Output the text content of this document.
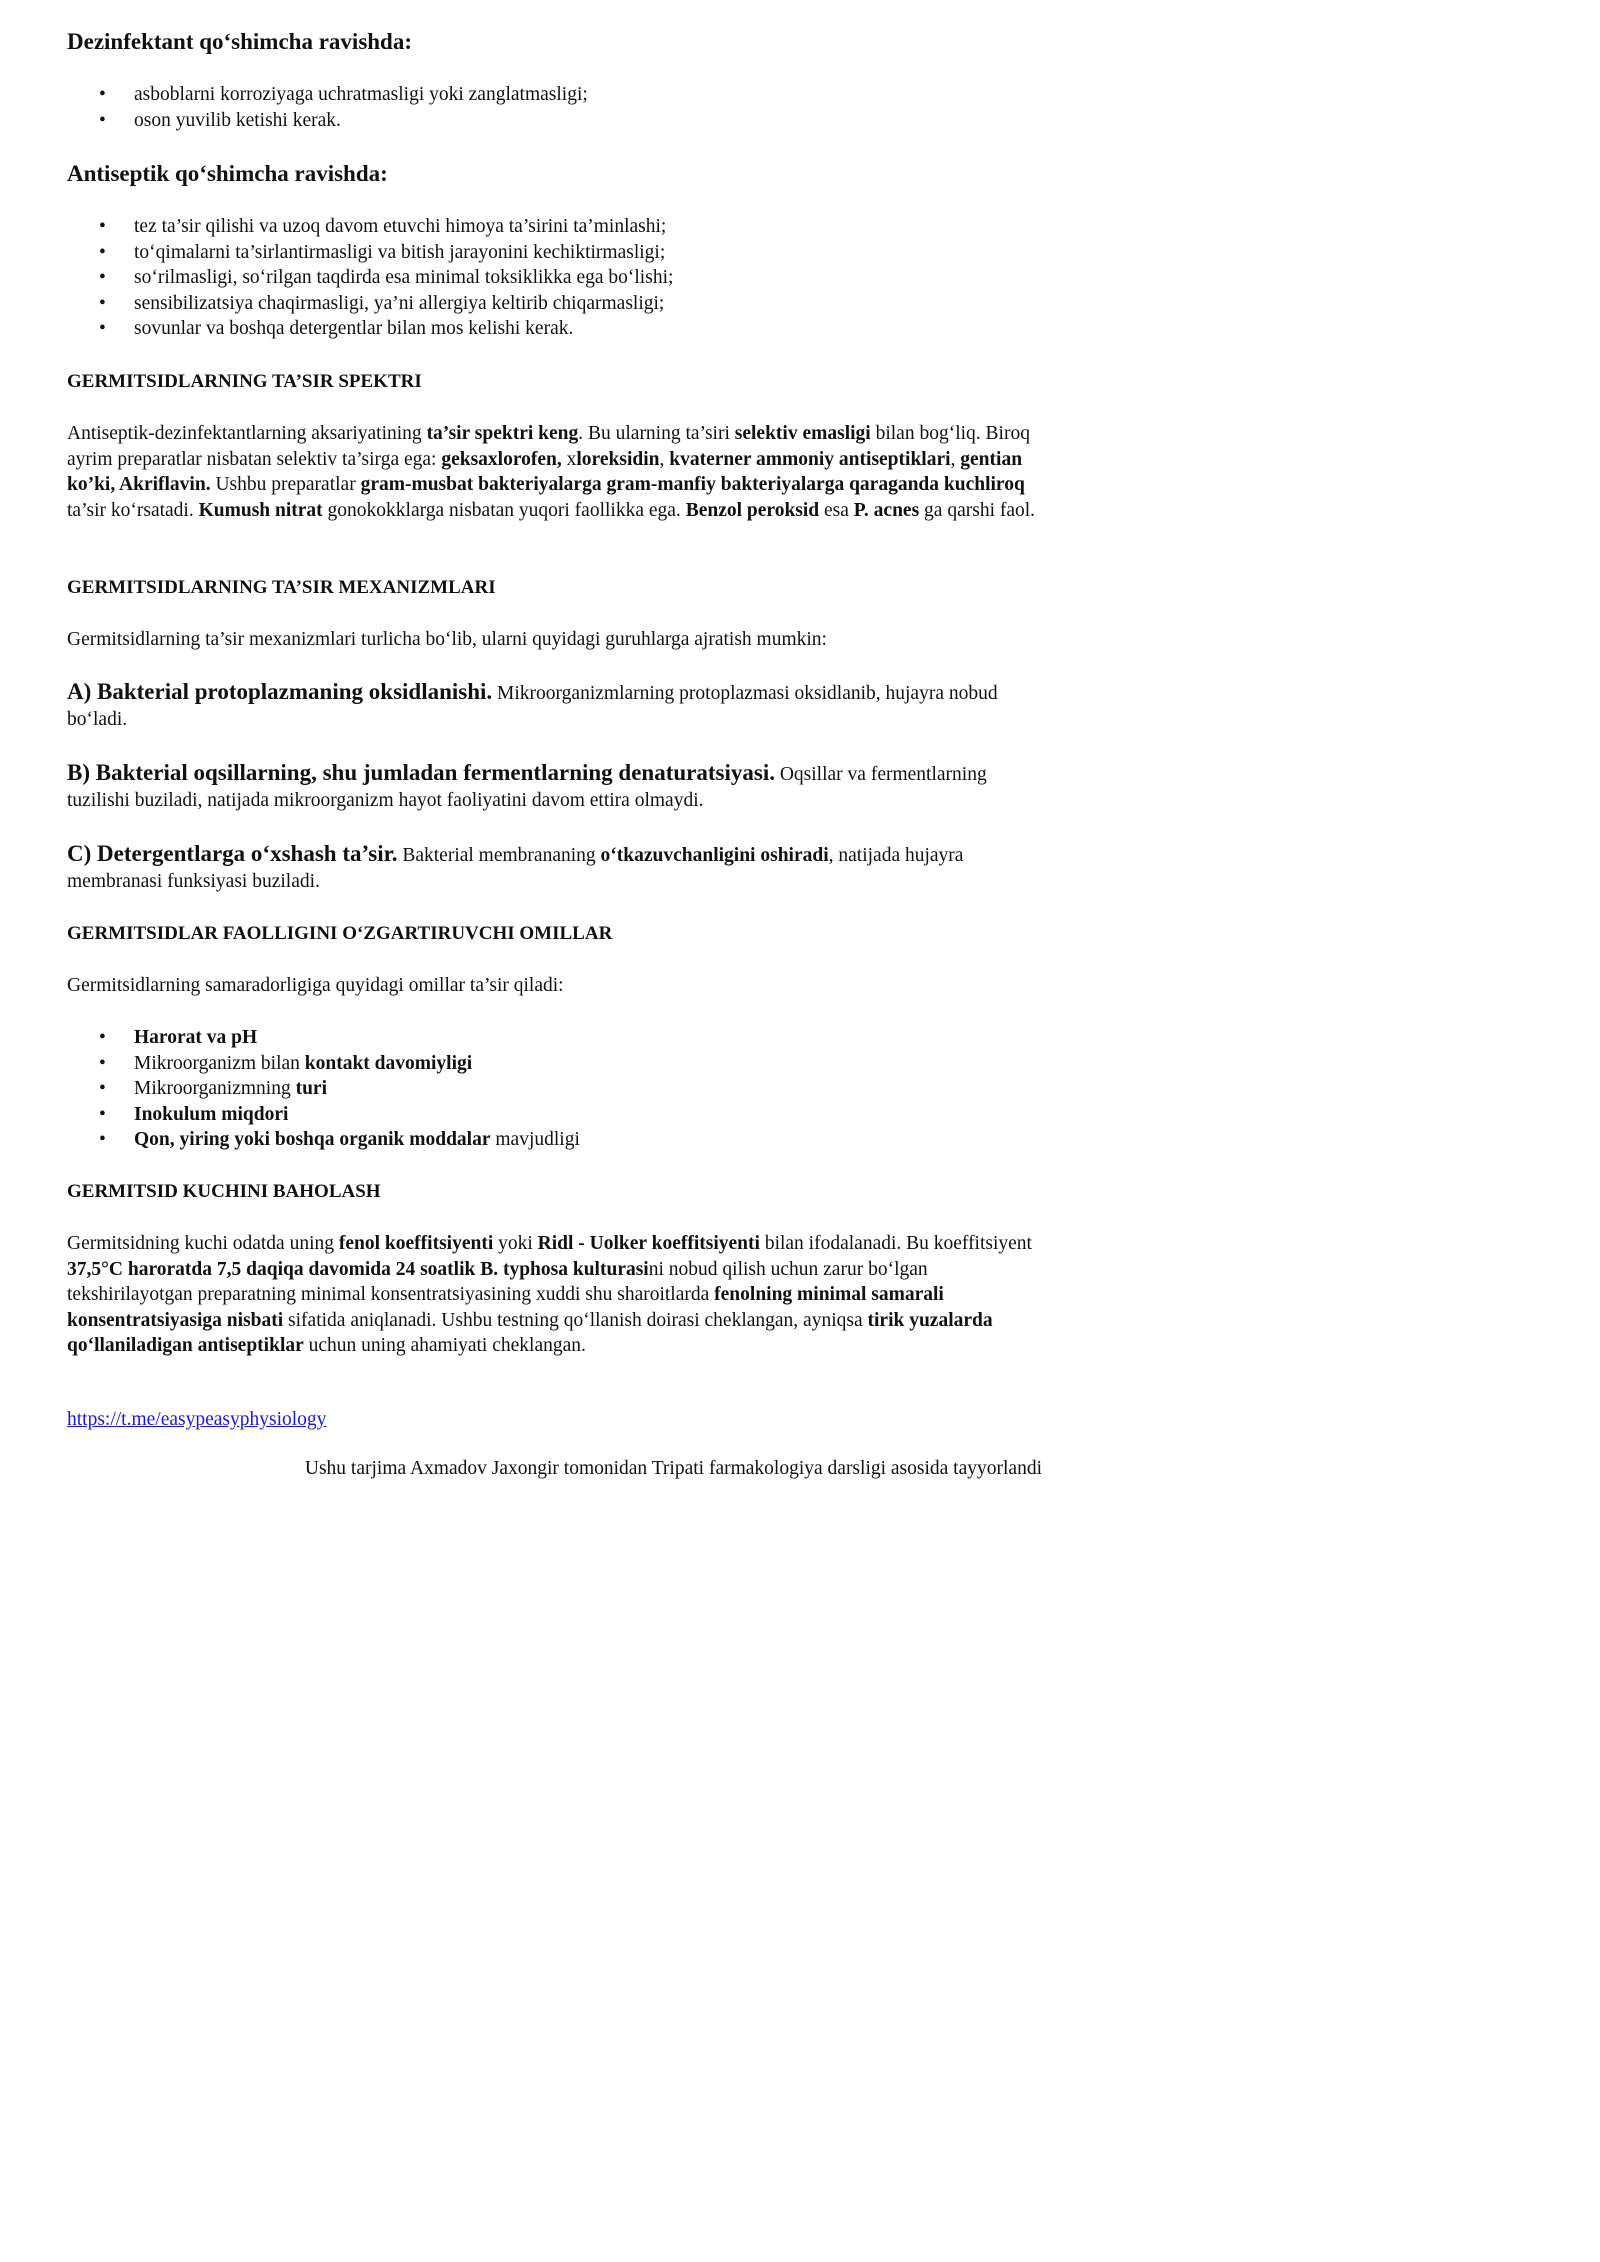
Dezinfektant qo‘shimcha ravishda:
• asboblarni korroziyaga uchratmasligi yoki zanglatmasligi;
• oson yuvilib ketishi kerak.
Antiseptik qo‘shimcha ravishda:
• tez ta’sir qilishi va uzoq davom etuvchi himoya ta’sirini ta’minlashi;
• to‘qimalarni ta’sirlantirmasligi va bitish jarayonini kechiktirmasligi;
• so‘rilmasligi, so‘rilgan taqdirda esa minimal toksiklikka ega bo‘lishi;
• sensibilizatsiya chaqirmasligi, ya’ni allergiya keltirib chiqarmasligi;
• sovunlar va boshqa detergentlar bilan mos kelishi kerak.
GERMITSIDLARNING TA’SIR SPEKTRI

Antiseptik-dezinfektantlarning aksariyatining ta’sir spektri keng. Bu ularning ta’siri selektiv emasligi bilan bog‘liq. Biroq ayrim preparatlar nisbatan selektiv ta’sirga ega: geksaxlorofen, xloreksidin, kvaterner ammoniy antiseptiklari, gentian ko’ki, Akriflavin. Ushbu preparatlar gram-musbat bakteriyalarga gram-manfiy bakteriyalarga qaraganda kuchliroq ta’sir ko‘rsatadi. Kumush nitrat gonokokklarga nisbatan yuqori faollikka ega. Benzol peroksid esa P. acnes ga qarshi faol.

GERMITSIDLARNING TA’SIR MEXANIZMLARI

Germitsidlarning ta’sir mexanizmlari turlicha bo‘lib, ularni quyidagi guruhlarga ajratish mumkin:

A) Bakterial protoplazmaning oksidlanishi. Mikroorganizmlarning protoplazmasi oksidlanib, hujayra nobud bo‘ladi.

B) Bakterial oqsillarning, shu jumladan fermentlarning denaturatsiyasi. Oqsillar va fermentlarning tuzilishi buziladi, natijada mikroorganizm hayot faoliyatini davom ettira olmaydi.

C) Detergentlarga o‘xshash ta’sir. Bakterial membrananing o‘tkazuvchanligini oshiradi, natijada hujayra membranasi funksiyasi buziladi.

GERMITSIDLAR FAOLLIGINI O‘ZGARTIRUVCHI OMILLAR

Germitsidlarning samaradorligiga quyidagi omillar ta’sir qiladi:

• Harorat va pH
• Mikroorganizm bilan kontakt davomiyligi
• Mikroorganizmning turi
• Inokulum miqdori
• Qon, yiring yoki boshqa organik moddalar mavjudligi
GERMITSID KUCHINI BAHOLASH

Germitsidning kuchi odatda uning fenol koeffitsiyenti yoki Ridl - Uolker koeffitsiyenti bilan ifodalanadi. Bu koeffitsiyent 37,5°C haroratda 7,5 daqiqa davomida 24 soatlik B. typhosa kulturasini nobud qilish uchun zarur bo‘lgan tekshirilayotgan preparatning minimal konsentratsiyasining xuddi shu sharoitlarda fenolning minimal samarali konsentratsiyasiga nisbati sifatida aniqlanadi. Ushbu testning qo‘llanish doirasi cheklangan, ayniqsa tirik yuzalarda qo‘llaniladigan antiseptiklar uchun uning ahamiyati cheklangan.

https://t.me/easypeasyphysiology
Ushu tarjima Axmadov Jaxongir tomonidan Tripati farmakologiya darsligi asosida tayyorlandi
